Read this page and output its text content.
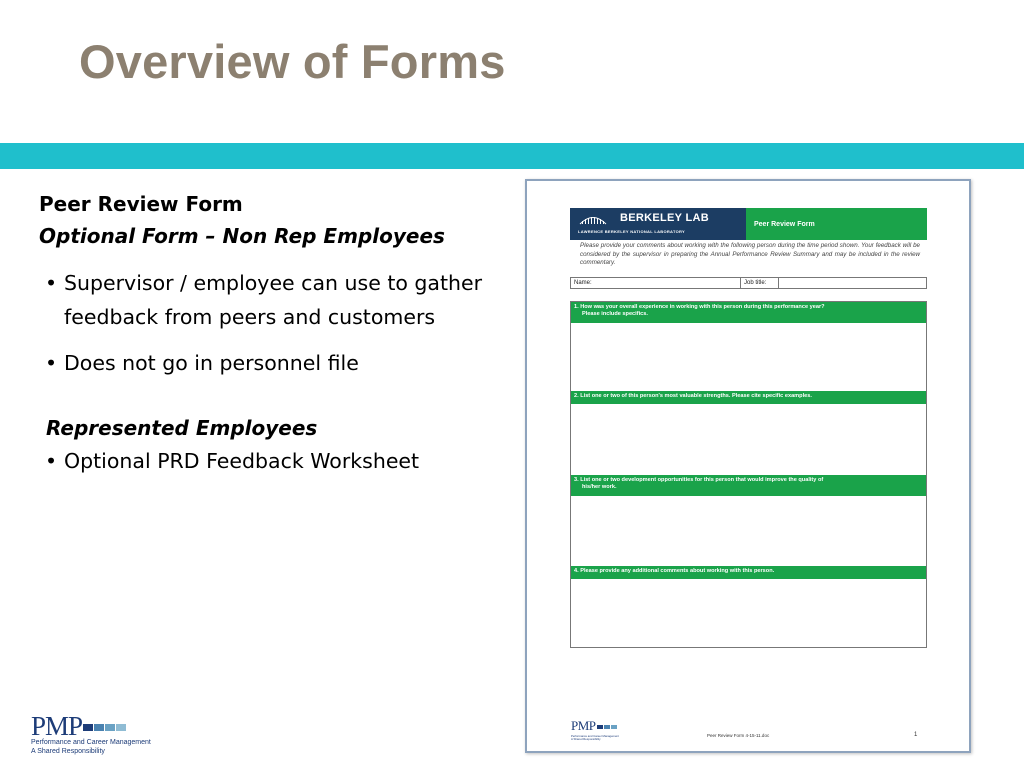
Overview of Forms
Peer Review Form
Optional Form – Non Rep Employees
• Supervisor / employee can use to gather feedback from peers and customers
• Does not go in personnel file
Represented Employees
• Optional PRD Feedback Worksheet
BERKELEY LAB
LAWRENCE BERKELEY NATIONAL LABORATORY
Peer Review Form
Please provide your comments about working with the following person during the time period shown. Your feedback will be considered by the supervisor in preparing the Annual Performance Review Summary and may be included in the review commentary.
Name:	Job title:
1. How was your overall experience in working with this person during this performance year?
Please include specifics.
2. List one or two of this person's most valuable strengths. Please cite specific examples.
3. List one or two development opportunities for this person that would improve the quality of
his/her work.
4. Please provide any additional comments about working with this person.
PMP
Performance and Career Management
A Shared Responsibility
Peer Review Form 4-15-11.doc	1
PMP
Performance and Career Management
A Shared Responsibility
